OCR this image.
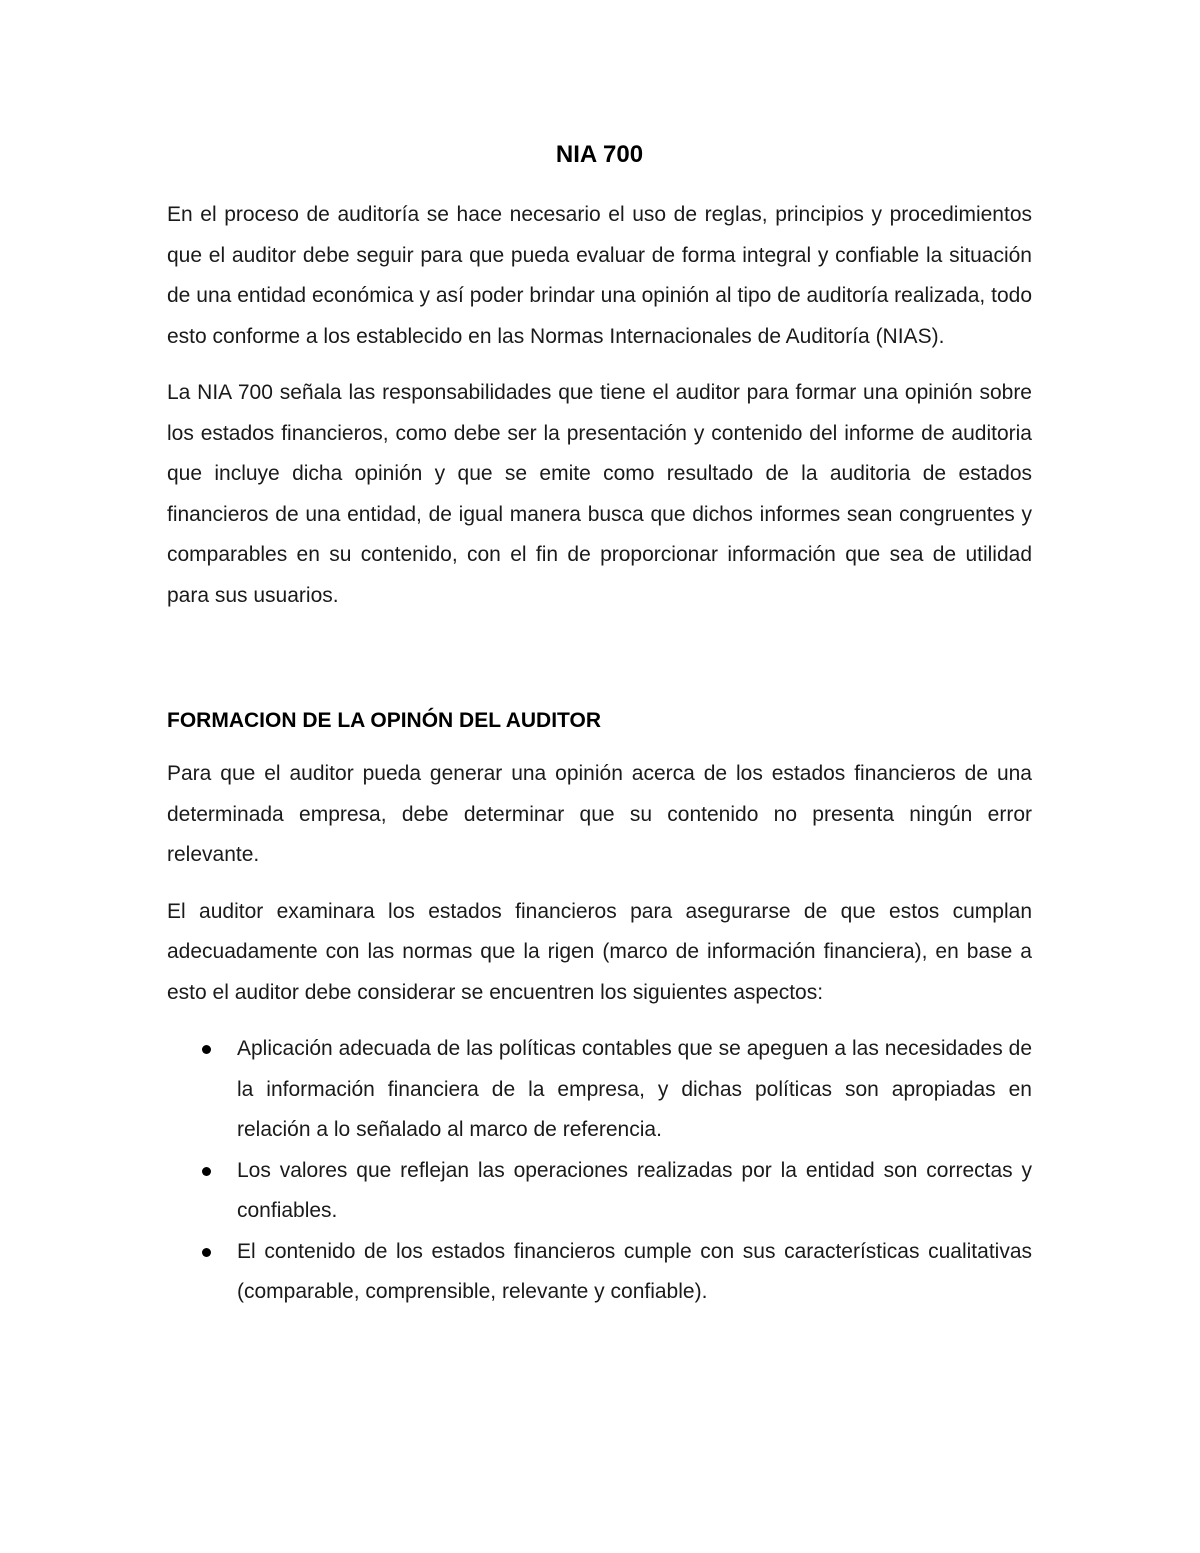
NIA 700

En el proceso de auditoría se hace necesario el uso de reglas, principios y procedimientos que el auditor debe seguir para que pueda evaluar de forma integral y confiable la situación de una entidad económica y así poder brindar una opinión al tipo de auditoría realizada, todo esto conforme a los establecido en las Normas Internacionales de Auditoría (NIAS).

La NIA 700 señala las responsabilidades que tiene el auditor para formar una opinión sobre los estados financieros, como debe ser la presentación y contenido del informe de auditoria que incluye dicha opinión y que se emite como resultado de la auditoria de estados financieros de una entidad, de igual manera busca que dichos informes sean congruentes y comparables en su contenido, con el fin de proporcionar información que sea de utilidad para sus usuarios.

FORMACION DE LA OPINÓN DEL AUDITOR

Para que el auditor pueda generar una opinión acerca de los estados financieros de una determinada empresa, debe determinar que su contenido no presenta ningún error relevante.

El auditor examinara los estados financieros para asegurarse de que estos cumplan adecuadamente con las normas que la rigen (marco de información financiera), en base a esto el auditor debe considerar se encuentren los siguientes aspectos:

Aplicación adecuada de las políticas contables que se apeguen a las necesidades de la información financiera de la empresa, y dichas políticas son apropiadas en relación a lo señalado al marco de referencia.
Los valores que reflejan las operaciones realizadas por la entidad son correctas y confiables.
El contenido de los estados financieros cumple con sus características cualitativas (comparable, comprensible, relevante y confiable).
